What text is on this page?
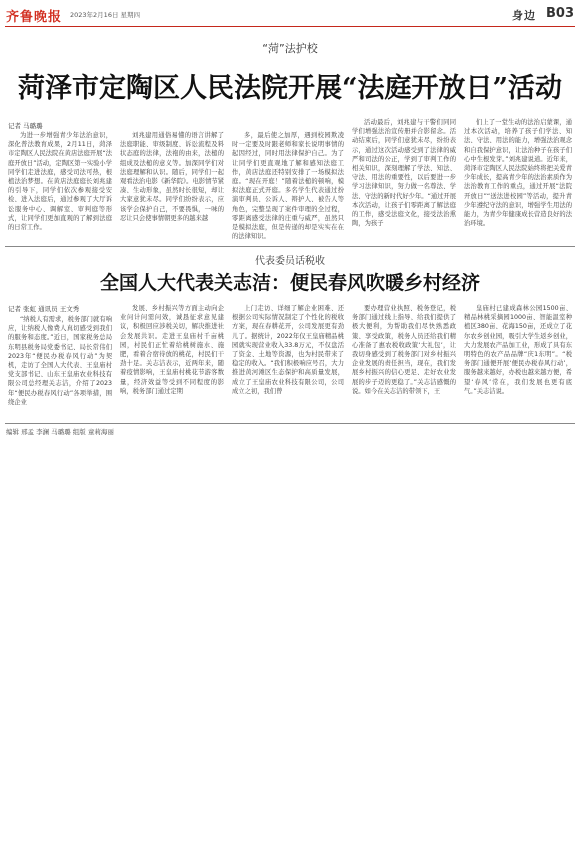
齐鲁晚报 2023年2月16日 星期四	身边 B03
“菏”法护校
菏泽市定陶区人民法院开展“法庭开放日”活动
记者 马璐璐

为进一步增强青少年法治意识，深化普法教育成果，2月11日，菏泽市定陶区人民法院在黄店法庭开展“法庭开放日”活动，定陶区第一实验小学同学们走进法庭，感受司法可热，根植法治梦想。在黄店法庭庭长刘兆建的引导下，同学们依次参观接受安检、进入法庭后，通过参观了大厅诉讼服务中心、调解室、审判庭等形式，让同学们更加直观的了解到法庭的日常工作。

刘兆建用通俗易懂的语言讲解了法庭职能、审级制度、诉讼流程及料状态庭的法律，法袍的由来，法槌的组成及法槌的意义等。加深同学们对法庭理解和认识。随后，同学们一起观看法治电影《新华院》。电影情节紧凑、生动形象，虽然时长很短，却让大家意犹未尽。同学们纷纷表示，应该学会保护自己，不要畏惧，一味的忍让只会使事情朝更多的越来越

多，最后使之加厚，遇到校园欺凌时一定要及时跟老师和家长说明事情的起因经过，同时用法律保护自己。为了让同学们更直观地了解和感知法庭工作，黄店法庭还特别安排了一场模拟法庭。“现在开庭！”随着法槌的顿响，模拟法庭正式开庭。多名学生代表通过扮演审判员、公诉人、辩护人、被告人等角色，完整呈现了案件审理的全过程，零距离感受法律的庄重与威严，虽然只是模拟法庭，但是传递的却是实实在在的法律知识。

活动最后，刘兆建与干警们同同学们增强法治宣传册并合影留念。活动结束后，同学们意犹未尽，纷纷表示，通过这次活动感受到了法律的威严和司法的公正，学到了审判工作的相关知识，深刻理解了学法、知法、守法、用法的重要性，以后要进一步学习法律知识，努力做一名尊法、学法、守法的新时代好少年。“通过开展本次活动，让孩子们零距离了解法庭的工作，感受法庭文化，接受法治熏陶，为孩子

们上了一堂生动的法治启蒙课，通过本次活动，培养了孩子们学法、知法、守法、用法的能力，增强法治观念和自我保护意识，让法治种子在孩子们心中生根发芽。”刘兆建说道。近年来，菏泽市定陶区人民法院始终将把关爱青少年成长，提高青少年的法治素质作为法治教育工作的重点，通过开展“法院开放日”“送法进校园”等活动，提升青少年遵纪守法的意识，增强学生用法的能力，为青少年健康成长营造良好的法治环境。

代表委员话税收
全国人大代表关志洁：便民春风吹暖乡村经济
记者 张虹 通讯员 王文秀

“纳税人有需求，税务部门就有响应，让纳税人像费人真切感受到我们的服务和态度。”近日，国家税务总局东明县税务局党委书记、局长常伟们2023年“便民办税春风行动”为契机，走访了全国人大代表、王皇庙村党支部书记、山东王皇庙农业科技有限公司总经理关志洁，介绍了2023年“便民办税春风行动”各项举措，围绕企业

发展、乡村振兴等方面主动向企业问计问需问效，诚恳征求意见建议，积极回应涉税关切，解决推进社会发展共识。走进王皇庙村千亩桃园，村民们正忙着给桃树施水、施肥，看着合宿待放的桃花，村民们干劲十足。关志洁表示，近两年来，随着疫情影响，王皇庙村桃花节游客数量，经济效益等受到不同程度的影响，税务部门通过定期

上门走访、详细了解企业困难、还根据公司实际情况制定了个性化的税收方案，现在春耕花开，公司发展更有劲儿了。据统计，2022年仅王皇庙精品桃园就实现营业收入33.8万元，不仅盘活了资金、土地等资源，也为村民带来了稳定的收入。“我们积极响应号召，大力推进黄河滩区生态保护和高质量发展，成立了王皇庙农业科技有限公司，公司成立之初，我们曾

要办理营业执照、税务登记，税务部门通过线上指导、给我们提供了极大便利，为帮助我们尽快熟悉政策、享受政策，税务人员还给我们精心准备了惠农税收政策‘大礼包’，让我切身感受到了税务部门对乡村振兴企业发展的责任担当，现在，我们发展乡村振兴的信心更足、走好农业发展的步子迈的更稳了。”关志洁感慨的说。如今在关志洁的带领下，王

皇庙村已建成森林公园1500亩、精品林桃采摘园1000亩、智能温室种植区380亩、花海150亩，还成立了花尔农乡创业园，吸引大学生返乡创业，大力发展农产品加工业，形成了具有东明特色的农产品品牌“庆1东明”。“税务部门通便开展‘便民办税春风行动’，服务越来越好，办税也越来越方便，希望‘春风’常在，我们发展也更有底气。”关志洁说。

编辑 邢孟 李澜 马璐璐 组版 童莉海丽
